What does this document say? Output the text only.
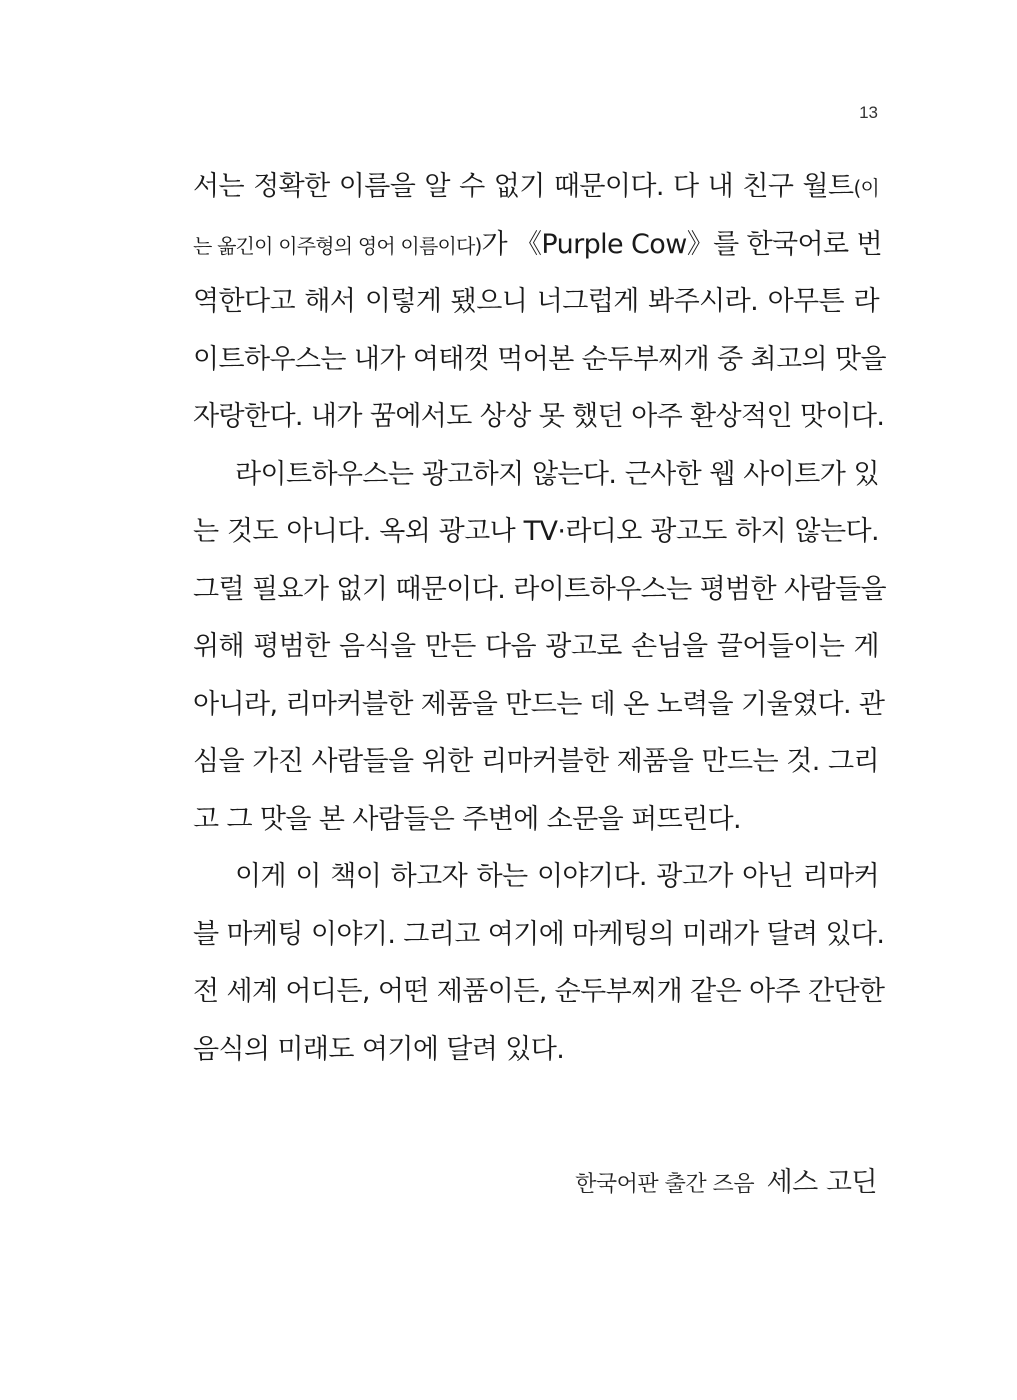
13
서는 정확한 이름을 알 수 없기 때문이다. 다 내 친구 월트(이
는 옮긴이 이주형의 영어 이름이다)가 《Purple Cow》를 한국어로 번
역한다고 해서 이렇게 됐으니 너그럽게 봐주시라. 아무튼 라
이트하우스는 내가 여태껏 먹어본 순두부찌개 중 최고의 맛을
자랑한다. 내가 꿈에서도 상상 못 했던 아주 환상적인 맛이다.
라이트하우스는 광고하지 않는다. 근사한 웹 사이트가 있
는 것도 아니다. 옥외 광고나 TV·라디오 광고도 하지 않는다.
그럴 필요가 없기 때문이다. 라이트하우스는 평범한 사람들을
위해 평범한 음식을 만든 다음 광고로 손님을 끌어들이는 게
아니라, 리마커블한 제품을 만드는 데 온 노력을 기울였다. 관
심을 가진 사람들을 위한 리마커블한 제품을 만드는 것. 그리
고 그 맛을 본 사람들은 주변에 소문을 퍼뜨린다.
이게 이 책이 하고자 하는 이야기다. 광고가 아닌 리마커
블 마케팅 이야기. 그리고 여기에 마케팅의 미래가 달려 있다.
전 세계 어디든, 어떤 제품이든, 순두부찌개 같은 아주 간단한
음식의 미래도 여기에 달려 있다.
한국어판 출간 즈음 세스 고딘
